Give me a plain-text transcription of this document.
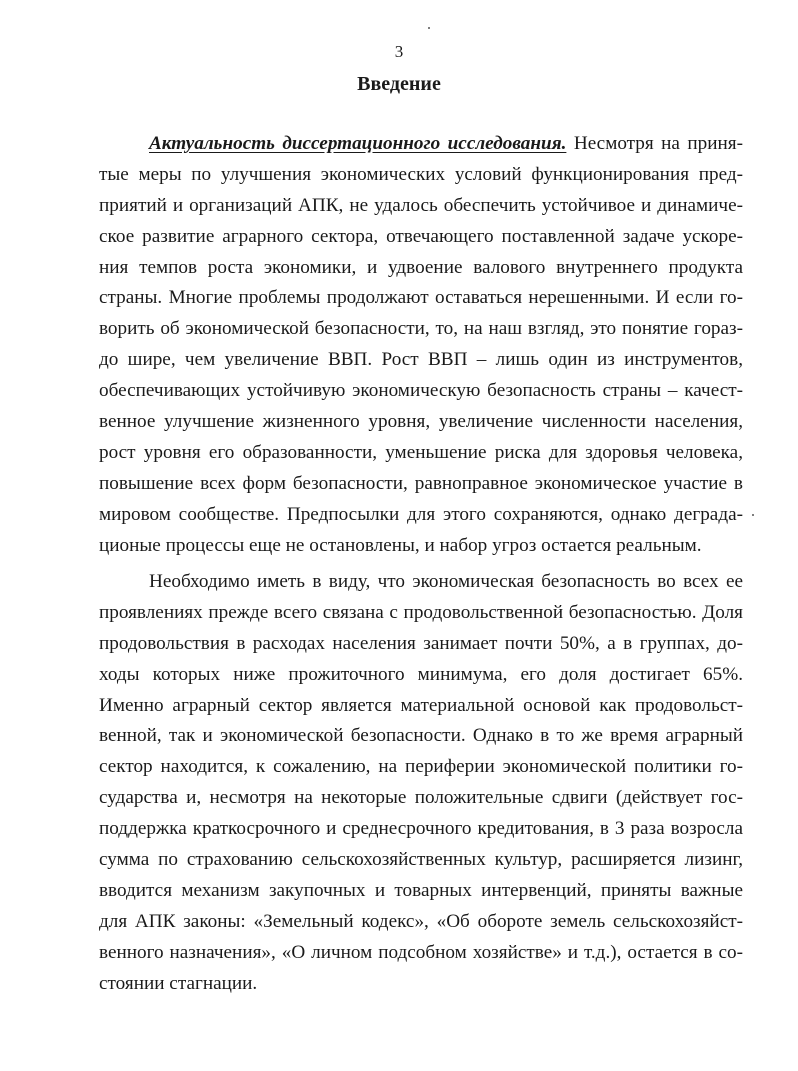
3
Введение
Актуальность диссертационного исследования. Несмотря на приня-
тые меры по улучшения экономических условий функционирования пред-
приятий и организаций АПК, не удалось обеспечить устойчивое и динамиче-
ское развитие аграрного сектора, отвечающего поставленной задаче ускоре-
ния темпов роста экономики, и удвоение валового внутреннего продукта
страны. Многие проблемы продолжают оставаться нерешенными. И если го-
ворить об экономической безопасности, то, на наш взгляд, это понятие гораз-
до шире, чем увеличение ВВП. Рост ВВП – лишь один из инструментов,
обеспечивающих устойчивую экономическую безопасность страны – качест-
венное улучшение жизненного уровня, увеличение численности населения,
рост уровня его образованности, уменьшение риска для здоровья человека,
повышение всех форм безопасности, равноправное экономическое участие в
мировом сообществе. Предпосылки для этого сохраняются, однако деграда-
ционые процессы еще не остановлены, и набор угроз остается реальным.
Необходимо иметь в виду, что экономическая безопасность во всех ее
проявлениях прежде всего связана с продовольственной безопасностью. Доля
продовольствия в расходах населения занимает почти 50%, а в группах, до-
ходы которых ниже прожиточного минимума, его доля достигает 65%.
Именно аграрный сектор является материальной основой как продовольст-
венной, так и экономической безопасности. Однако в то же время аграрный
сектор находится, к сожалению, на периферии экономической политики го-
сударства и, несмотря на некоторые положительные сдвиги (действует гос-
поддержка краткосрочного и среднесрочного кредитования, в 3 раза возросла
сумма по страхованию сельскохозяйственных культур, расширяется лизинг,
вводится механизм закупочных и товарных интервенций, приняты важные
для АПК законы: «Земельный кодекс», «Об обороте земель сельскохозяйст-
венного назначения», «О личном подсобном хозяйстве» и т.д.), остается в со-
стоянии стагнации.
